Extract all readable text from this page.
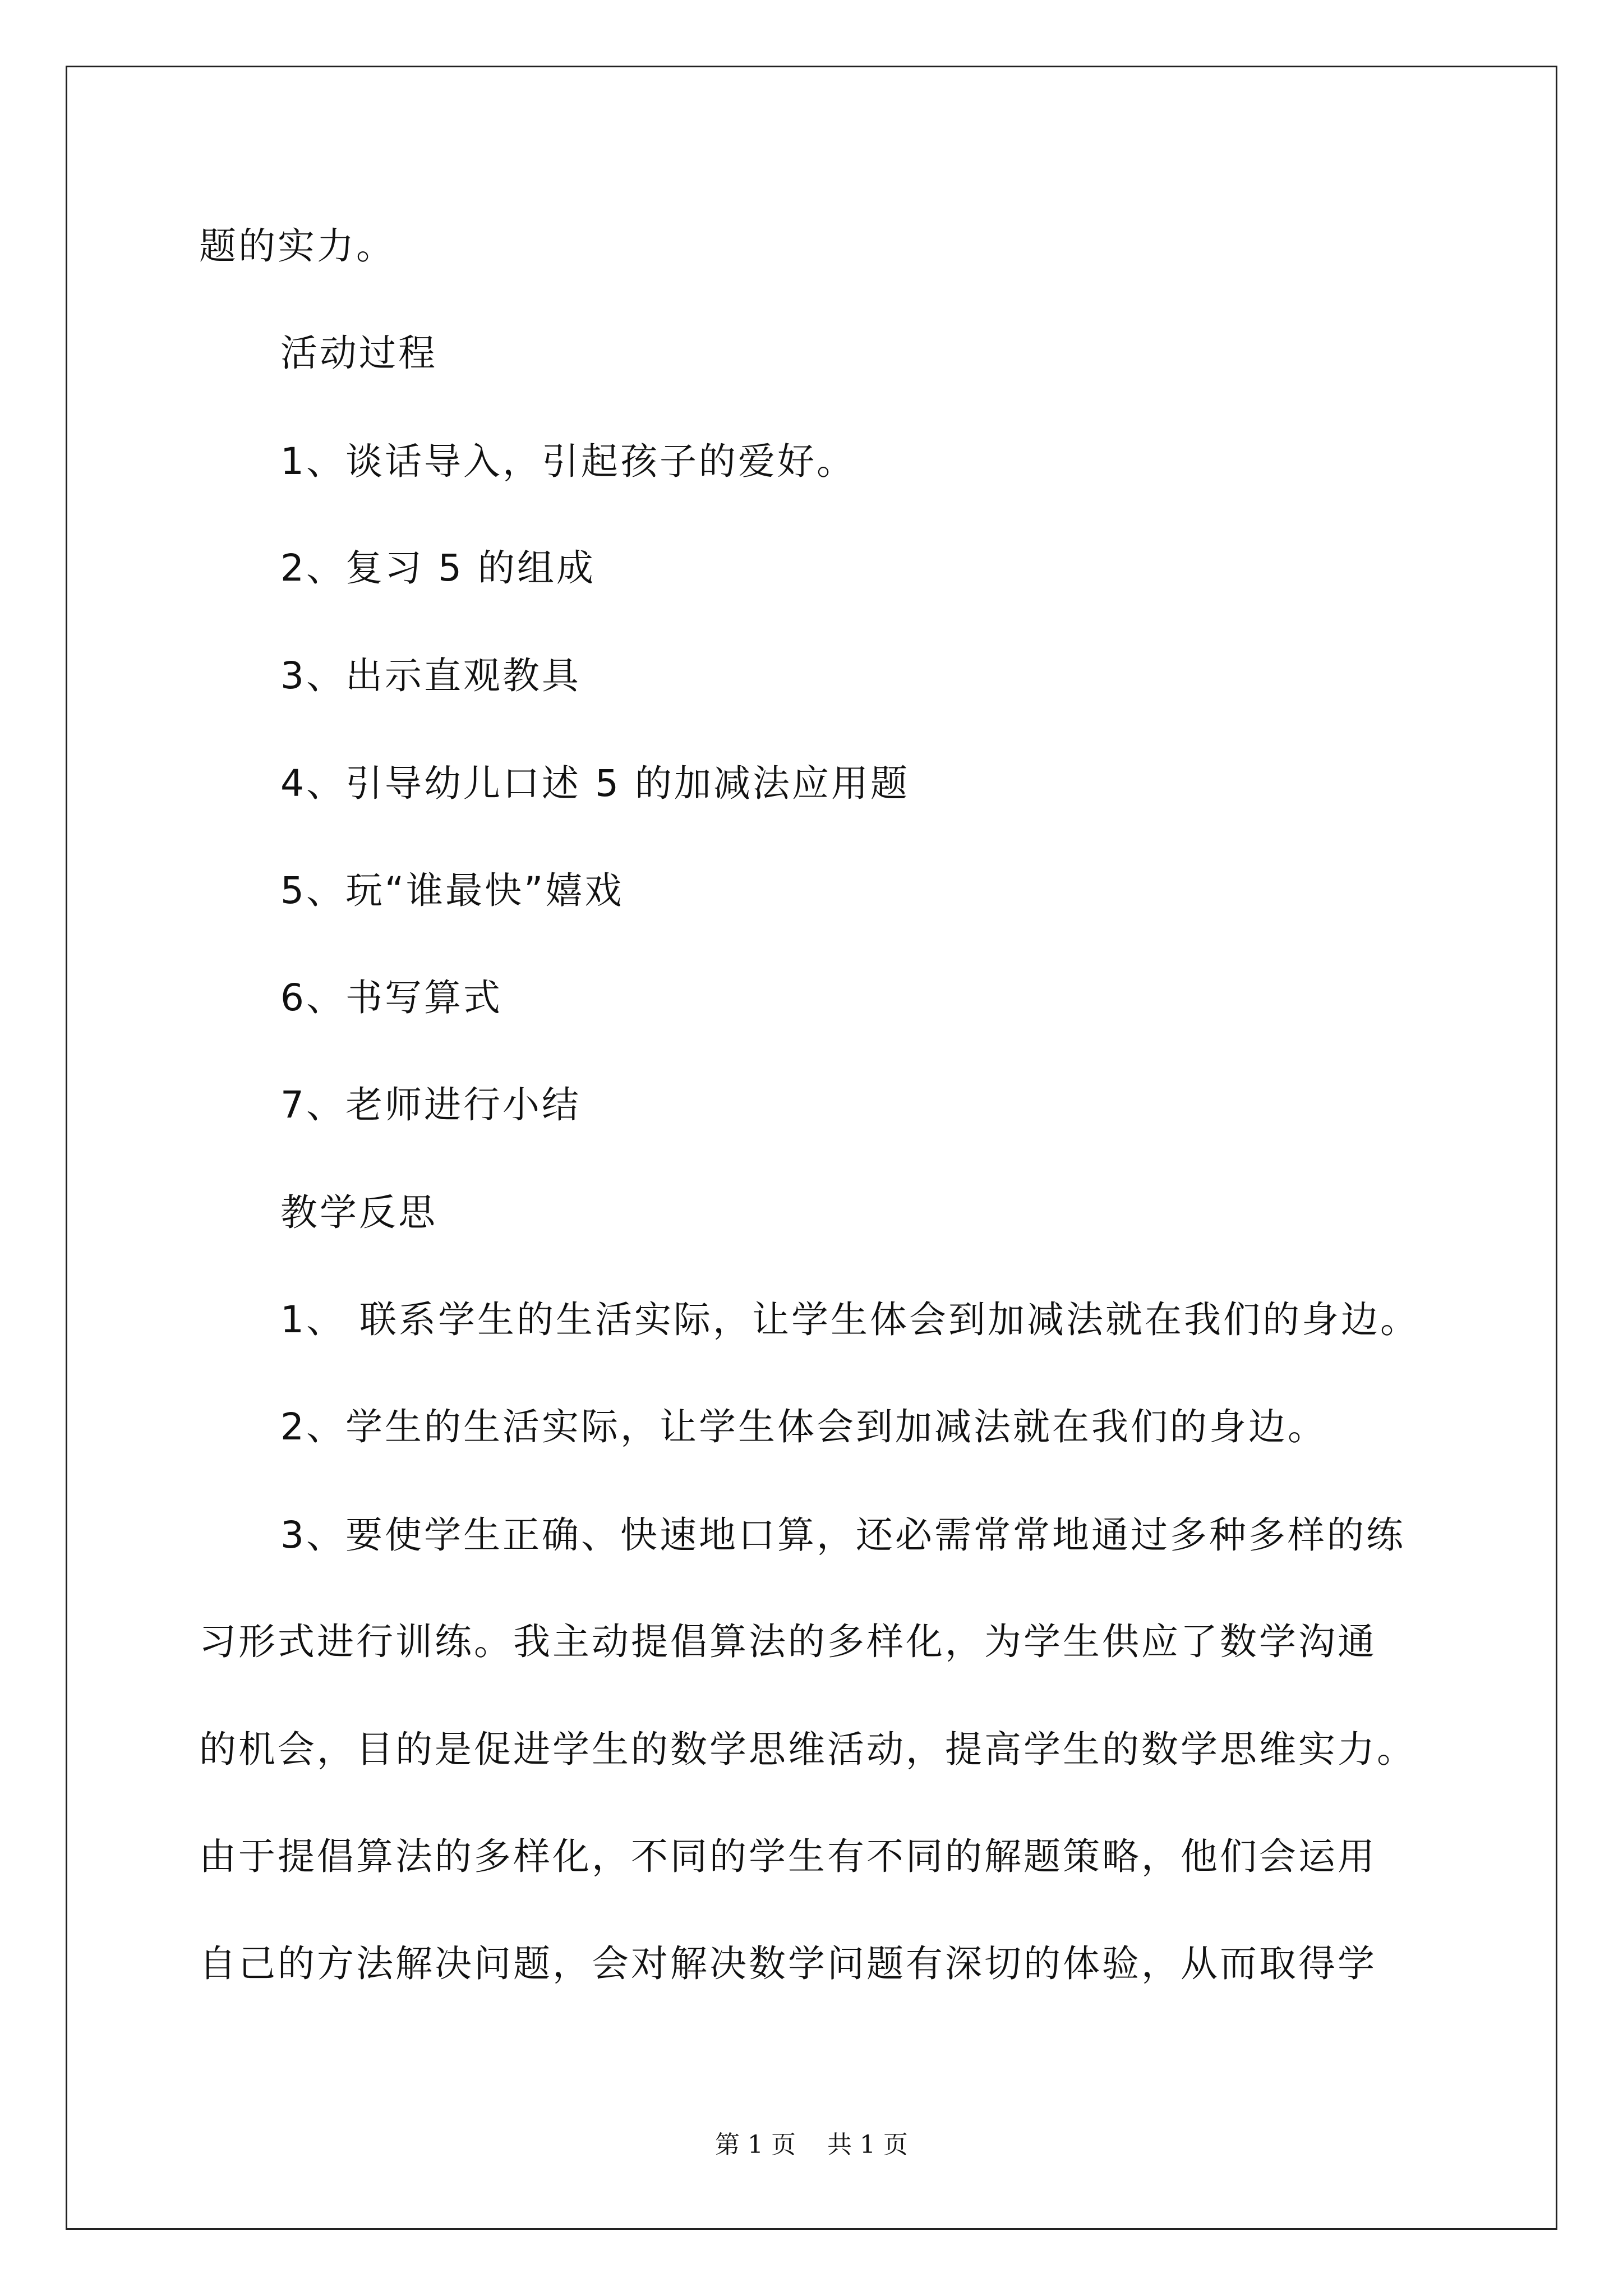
题的实力。
活动过程
1、谈话导入，引起孩子的爱好。
2、复习 5 的组成
3、出示直观教具
4、引导幼儿口述 5 的加减法应用题
5、玩“谁最快”嬉戏
6、书写算式
7、老师进行小结
教学反思
1、 联系学生的生活实际，让学生体会到加减法就在我们的身边。
2、学生的生活实际，让学生体会到加减法就在我们的身边。
3、要使学生正确、快速地口算，还必需常常地通过多种多样的练
习形式进行训练。我主动提倡算法的多样化，为学生供应了数学沟通
的机会，目的是促进学生的数学思维活动，提高学生的数学思维实力。
由于提倡算法的多样化，不同的学生有不同的解题策略，他们会运用
自己的方法解决问题，会对解决数学问题有深切的体验，从而取得学
第 1 页    共 1 页
